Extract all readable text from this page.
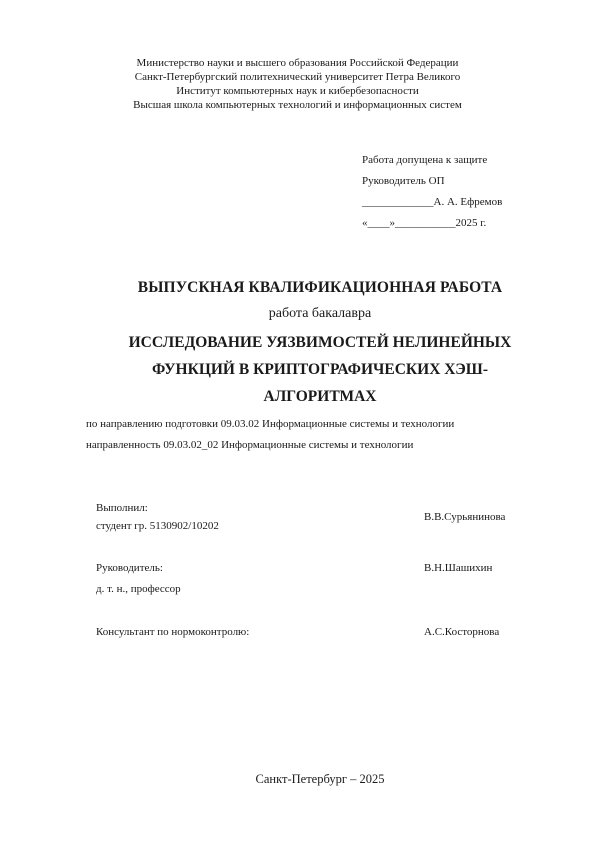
Министерство науки и высшего образования Российской Федерации
Санкт-Петербургский политехнический университет Петра Великого
Институт компьютерных наук и кибербезопасности
Высшая школа компьютерных технологий и информационных систем
Работа допущена к защите
Руководитель ОП
_____________А. А. Ефремов
«____»___________2025 г.
ВЫПУСКНАЯ КВАЛИФИКАЦИОННАЯ РАБОТА
работа бакалавра
ИССЛЕДОВАНИЕ УЯЗВИМОСТЕЙ НЕЛИНЕЙНЫХ
ФУНКЦИЙ В КРИПТОГРАФИЧЕСКИХ ХЭШ-
АЛГОРИТМАХ
по направлению подготовки 09.03.02 Информационные системы и технологии
направленность 09.03.02_02 Информационные системы и технологии
Выполнил:
студент гр. 5130902/10202
В.В.Сурьянинова
Руководитель:
д. т. н., профессор
В.Н.Шашихин
Консультант по нормоконтролю:	А.С.Косторнова
Санкт-Петербург – 2025
